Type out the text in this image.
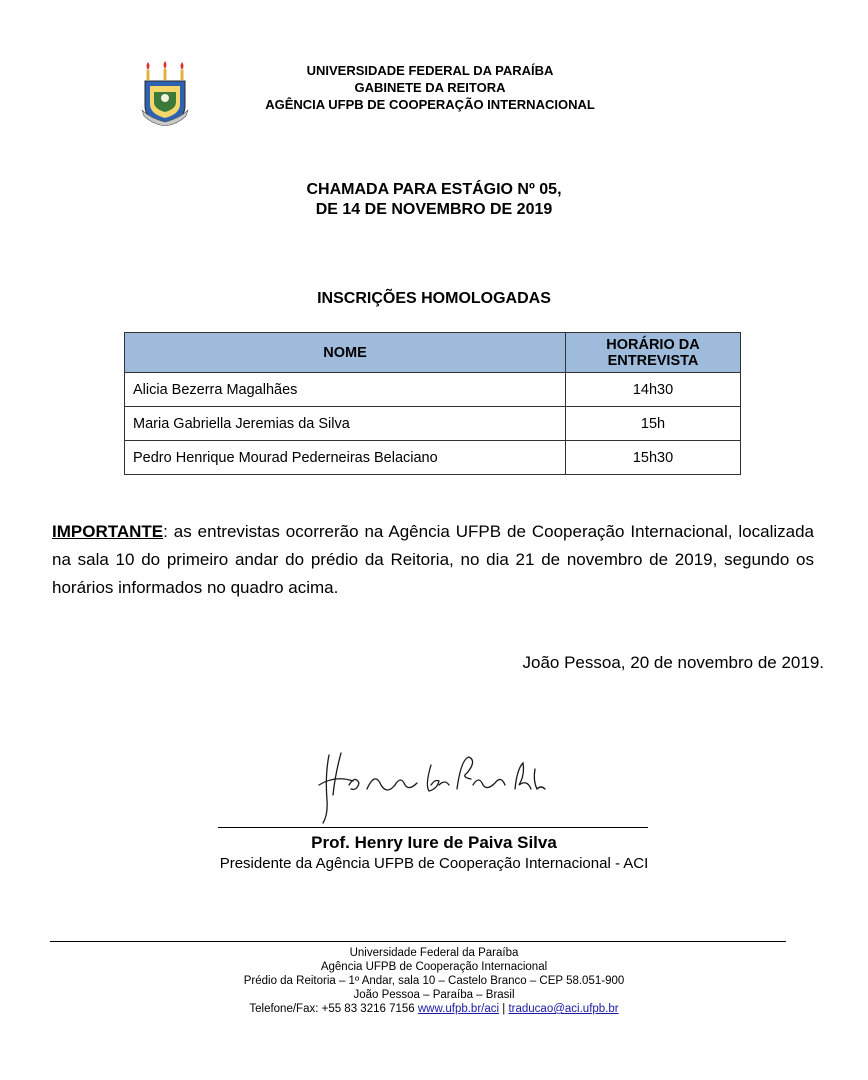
UNIVERSIDADE FEDERAL DA PARAÍBA
GABINETE DA REITORA
AGÊNCIA UFPB DE COOPERAÇÃO INTERNACIONAL
CHAMADA PARA ESTÁGIO Nº 05,
DE 14 DE NOVEMBRO DE 2019
INSCRIÇÕES HOMOLOGADAS
NOME	HORÁRIO DA
ENTREVISTA

Alicia Bezerra Magalhães	14h30
Maria Gabriella Jeremias da Silva	15h
Pedro Henrique Mourad Pederneiras Belaciano	15h30
IMPORTANTE: as entrevistas ocorrerão na Agência UFPB de Cooperação Internacional, localizada na sala 10 do primeiro andar do prédio da Reitoria, no dia 21 de novembro de 2019, segundo os horários informados no quadro acima.
João Pessoa, 20 de novembro de 2019.
Prof. Henry Iure de Paiva Silva
Presidente da Agência UFPB de Cooperação Internacional - ACI
Universidade Federal da Paraíba
Agência UFPB de Cooperação Internacional
Prédio da Reitoria – 1º Andar, sala 10 – Castelo Branco – CEP 58.051-900
João Pessoa – Paraíba – Brasil
Telefone/Fax: +55 83 3216 7156 www.ufpb.br/aci | traducao@aci.ufpb.br
